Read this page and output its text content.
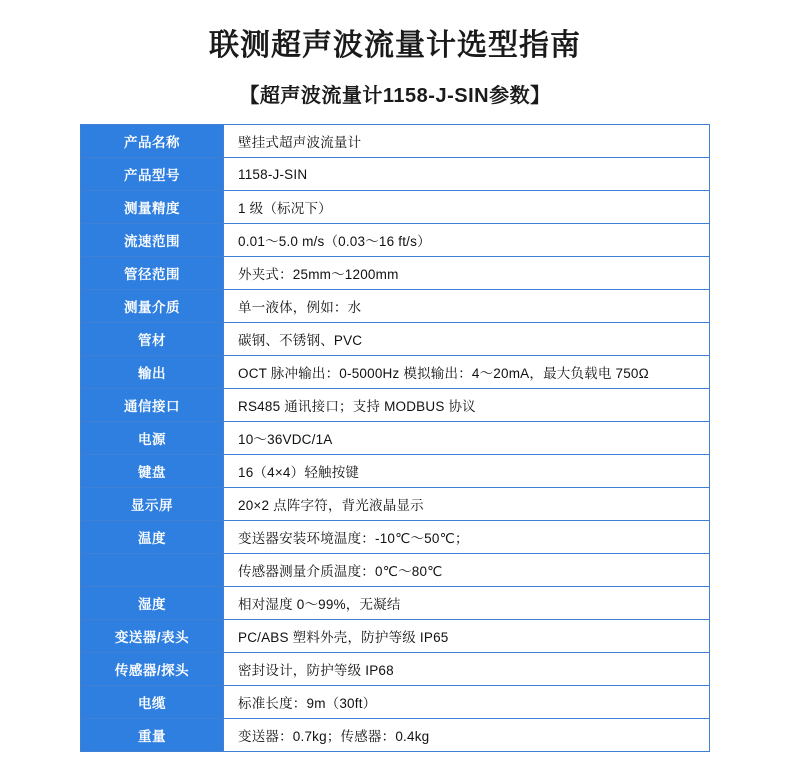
联测超声波流量计选型指南
【超声波流量计1158-J-SIN参数】
产品名称	壁挂式超声波流量计
产品型号	1158-J-SIN
测量精度	1 级（标况下）
流速范围	0.01～5.0 m/s（0.03～16 ft/s）
管径范围	外夹式：25mm～1200mm
测量介质	单一液体，例如：水
管材	碳钢、不锈钢、PVC
输出	OCT 脉冲输出：0-5000Hz 模拟输出：4～20mA，最大负载电 750Ω
通信接口	RS485 通讯接口；支持 MODBUS 协议
电源	10～36VDC/1A
键盘	16（4×4）轻触按键
显示屏	20×2 点阵字符，背光液晶显示
温度	变送器安装环境温度：-10℃～50℃；
	传感器测量介质温度：0℃～80℃
湿度	相对湿度 0～99%，无凝结
变送器/表头	PC/ABS 塑料外壳，防护等级 IP65
传感器/探头	密封设计，防护等级 IP68
电缆	标准长度：9m（30ft）
重量	变送器：0.7kg；传感器：0.4kg
